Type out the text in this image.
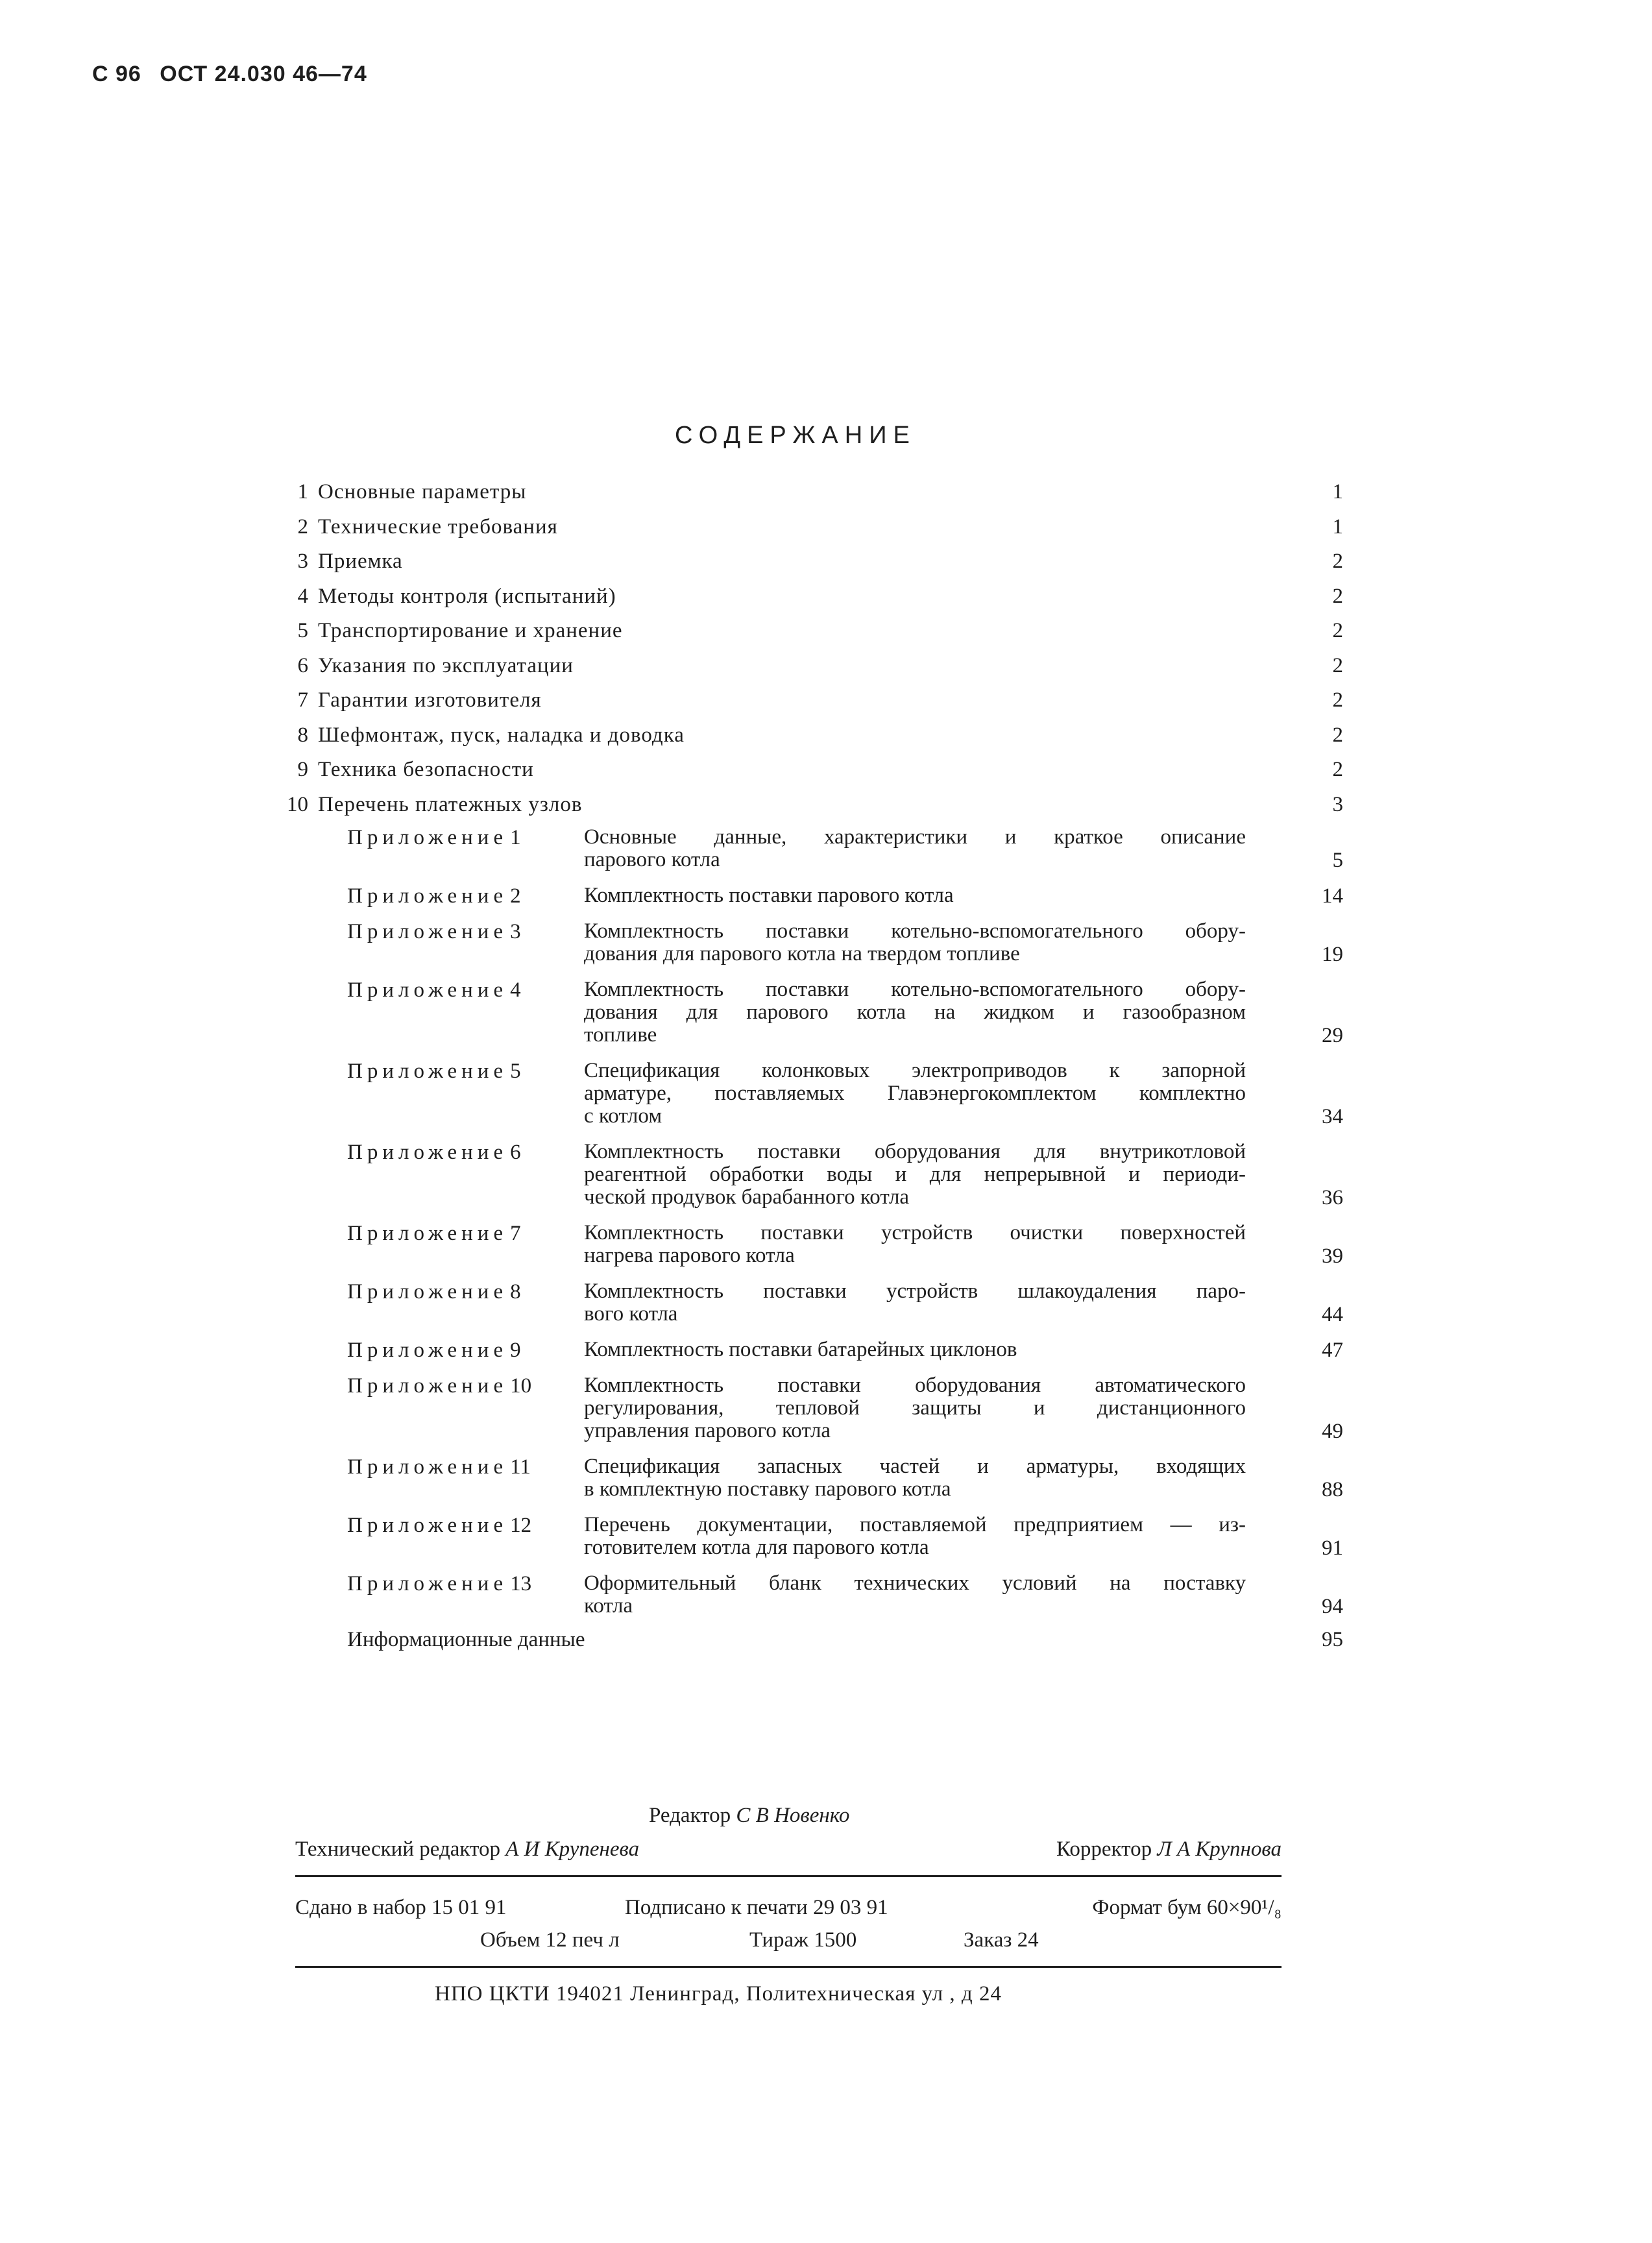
С 96 ОСТ 24.030 46—74
СОДЕРЖАНИЕ
1 Основные параметры	1
2 Технические требования	1
3 Приемка	2
4 Методы контроля (испытаний)	2
5 Транспортирование и хранение	2
6 Указания по эксплуатации	2
7 Гарантии изготовителя	2
8 Шефмонтаж, пуск, наладка и доводка	2
9 Техника безопасности	2
10 Перечень платежных узлов	3
Приложение 1	Основные данные, характеристики и краткое описание
парового котла	5
Приложение 2	Комплектность поставки парового котла	14
Приложение 3	Комплектность поставки котельно-вспомогательного обору-
дования для парового котла на твердом топливе	19
Приложение 4	Комплектность поставки котельно-вспомогательного обору-
дования для парового котла на жидком и газообразном
топливе	29
Приложение 5	Спецификация колонковых электроприводов к запорной
арматуре, поставляемых Главэнергокомплектом комплектно
с котлом	34
Приложение 6	Комплектность поставки оборудования для внутрикотловой
реагентной обработки воды и для непрерывной и периоди-
ческой продувок барабанного котла	36
Приложение 7	Комплектность поставки устройств очистки поверхностей
нагрева парового котла	39
Приложение 8	Комплектность поставки устройств шлакоудаления паро-
вого котла	44
Приложение 9	Комплектность поставки батарейных циклонов	47
Приложение 10 Комплектность поставки оборудования автоматического
регулирования, тепловой защиты и дистанционного
управления парового котла	49
Приложение 11 Спецификация запасных частей и арматуры, входящих
в комплектную поставку парового котла	88
Приложение 12 Перечень документации, поставляемой предприятием — из-
готовителем котла для парового котла	91
Приложение 13 Оформительный бланк технических условий на поставку
котла	94
Информационные данные	95
Редактор С В Новенко
Технический редактор А И Крупенева	Корректор Л А Крупнова
Сдано в набор 15 01 91	Подписано к печати 29 03 91	Формат бум 60×90¹/₈
Объем 12 печ л	Тираж 1500	Заказ 24
НПО ЦКТИ 194021 Ленинград, Политехническая ул , д 24
